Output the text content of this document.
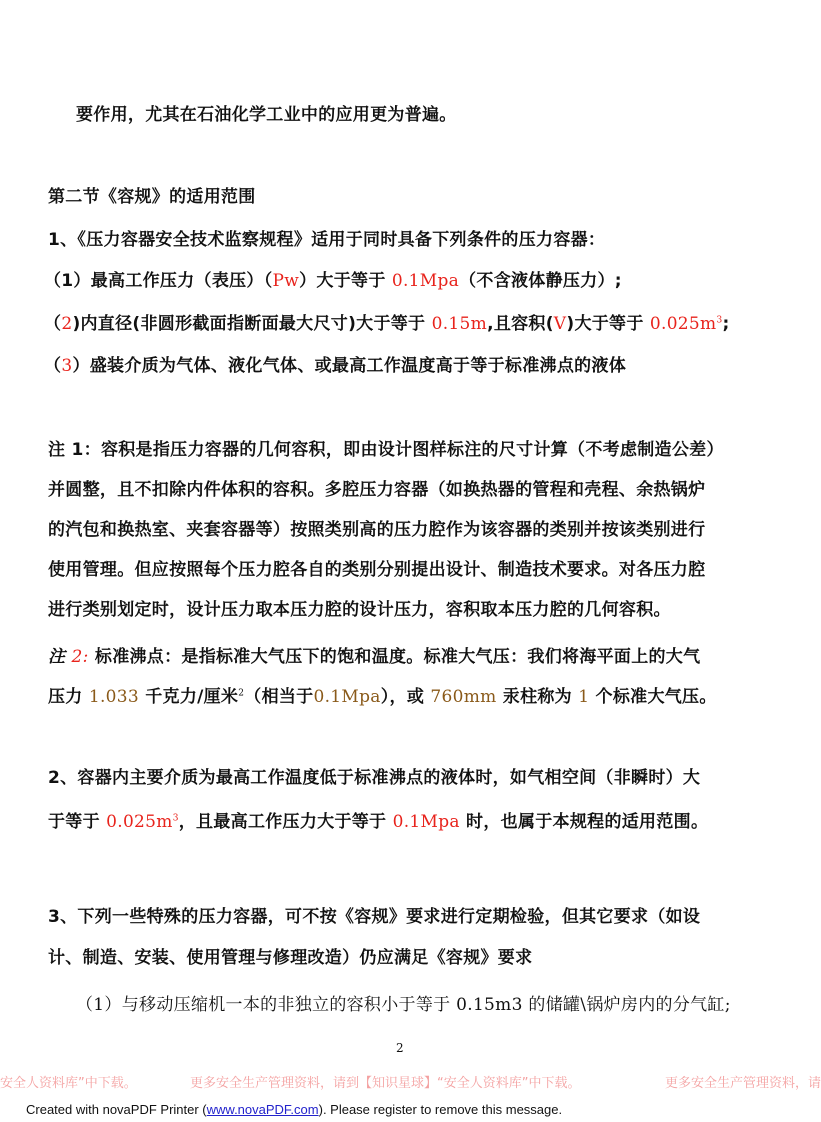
要作用，尤其在石油化学工业中的应用更为普遍。
第二节《容规》的适用范围
1、《压力容器安全技术监察规程》适用于同时具备下列条件的压力容器：
（1）最高工作压力（表压）（Pw）大于等于 0.1Mpa（不含液体静压力）;
（2)内直径(非圆形截面指断面最大尺寸)大于等于 0.15m,且容积(V)大于等于 $0.025m^3$;
（3）盛装介质为气体、液化气体、或最高工作温度高于等于标准沸点的液体
注 1：容积是指压力容器的几何容积，即由设计图样标注的尺寸计算（不考虑制造公差）
并圆整，且不扣除内件体积的容积。多腔压力容器（如换热器的管程和壳程、余热锅炉
的汽包和换热室、夹套容器等）按照类别高的压力腔作为该容器的类别并按该类别进行
使用管理。但应按照每个压力腔各自的类别分别提出设计、制造技术要求。对各压力腔
进行类别划定时，设计压力取本压力腔的设计压力，容积取本压力腔的几何容积。
注 2: 标准沸点：是指标准大气压下的饱和温度。标准大气压：我们将海平面上的大气
压力 1.033 千克力/厘米$^2$（相当于0.1Mpa），或 760mm 汞柱称为 1 个标准大气压。
2、容器内主要介质为最高工作温度低于标准沸点的液体时，如气相空间（非瞬时）大
于等于 $0.025m^3$，且最高工作压力大于等于 0.1Mpa 时，也属于本规程的适用范围。
3、下列一些特殊的压力容器，可不按《容规》要求进行定期检验，但其它要求（如设
计、制造、安装、使用管理与修理改造）仍应满足《容规》要求
（1）与移动压缩机一本的非独立的容积小于等于 0.15m3 的储罐\锅炉房内的分气缸;
2
安全人资料库”中下载。	更多安全生产管理资料，请到【知识星球】“安全人资料库”中下载。	更多安全生产管理资料，请
Created with novaPDF Printer (www.novaPDF.com). Please register to remove this message.
